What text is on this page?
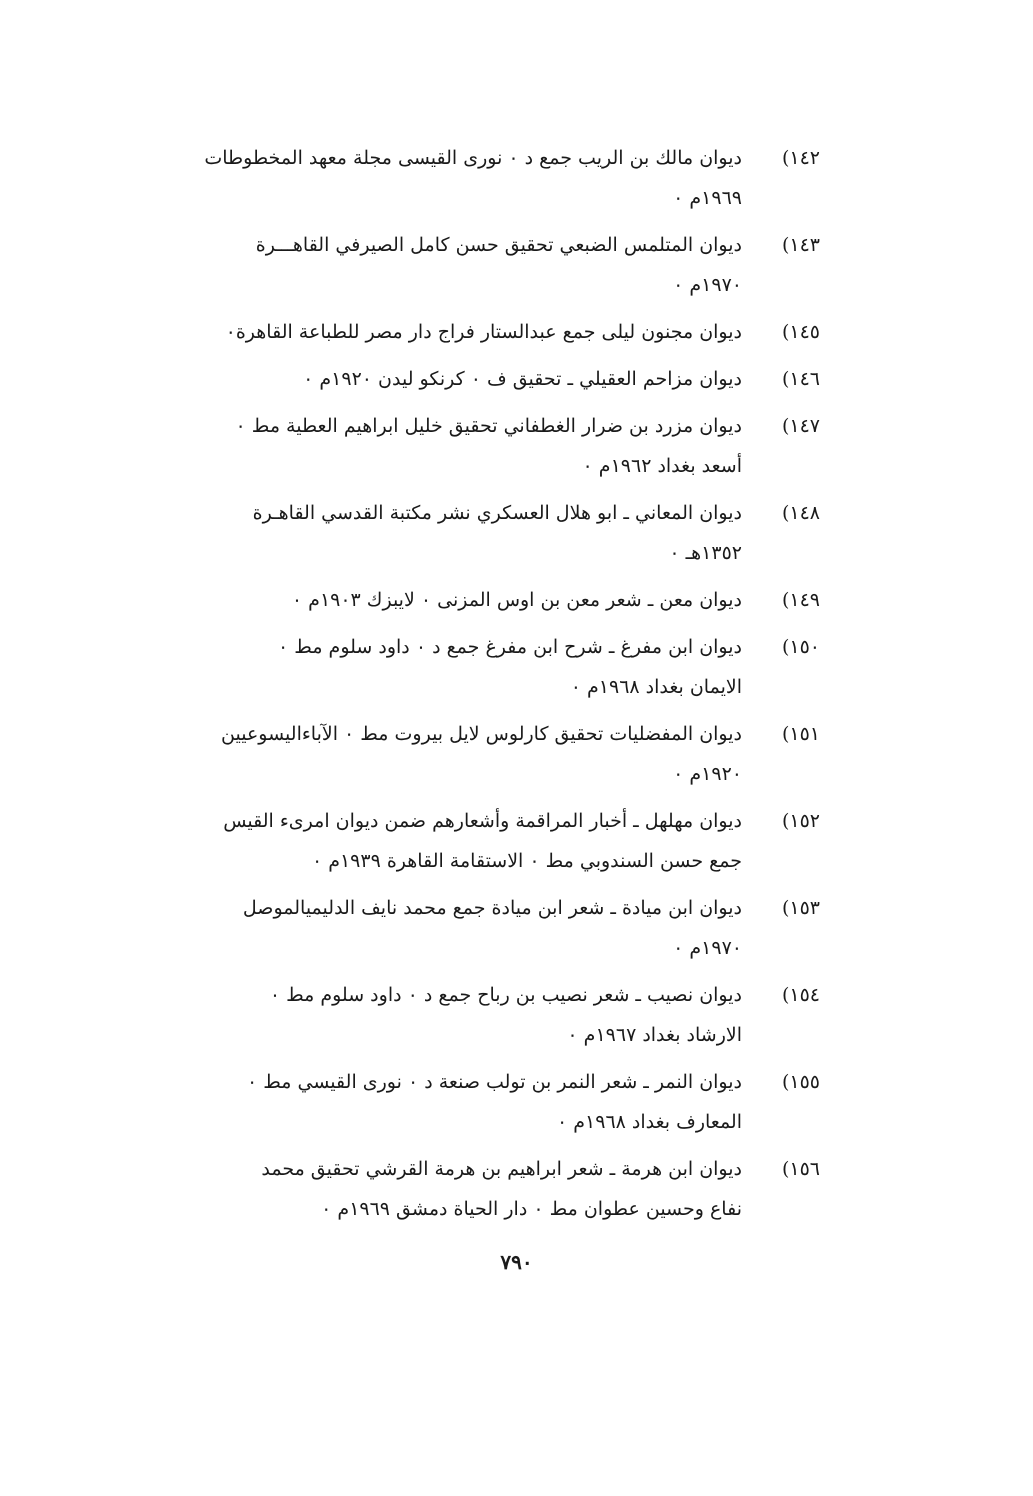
١٤٢)
ديوان مالك بن الريب جمع د ٠ نورى القيسى مجلة معهد المخطوطات
١٩٦٩م ٠
١٤٣)
ديوان المتلمس الضبعي تحقيق حسن كامل الصيرفي القاهـــرة
١٩٧٠م ٠
١٤٥)
ديوان مجنون ليلى جمع عبدالستار فراج دار مصر للطباعة القاهرة٠
١٤٦)
ديوان مزاحم العقيلي ـ تحقيق ف ٠ كرنكو ليدن ١٩٢٠م ٠
١٤٧)
ديوان مزرد بن ضرار الغطفاني تحقيق خليل ابراهيم العطية مط ٠
أسعد بغداد ١٩٦٢م ٠
١٤٨)
ديوان المعاني ـ ابو هلال العسكري نشر مكتبة القدسي القاهـرة
١٣٥٢هـ ٠
١٤٩)
ديوان معن ـ شعر معن بن اوس المزنى ٠ لايبزك ١٩٠٣م ٠
١٥٠)
ديوان ابن مفرغ ـ شرح ابن مفرغ جمع د ٠ داود سلوم مط ٠
الايمان بغداد ١٩٦٨م ٠
١٥١)
ديوان المفضليات تحقيق كارلوس لايل بيروت مط ٠ الآباءاليسوعيين
١٩٢٠م ٠
١٥٢)
ديوان مهلهل ـ أخبار المراقمة وأشعارهم ضمن ديوان امرىء القيس
جمع حسن السندوبي مط ٠ الاستقامة القاهرة ١٩٣٩م ٠
١٥٣)
ديوان ابن ميادة ـ شعر ابن ميادة جمع محمد نايف الدليميالموصل
١٩٧٠م ٠
١٥٤)
ديوان نصيب ـ شعر نصيب بن رباح جمع د ٠ داود سلوم مط ٠
الارشاد بغداد ١٩٦٧م ٠
١٥٥)
ديوان النمر ـ شعر النمر بن تولب صنعة د ٠ نورى القيسي مط ٠
المعارف بغداد ١٩٦٨م ٠
١٥٦)
ديوان ابن هرمة ـ شعر ابراهيم بن هرمة القرشي تحقيق محمد
نفاع وحسين عطوان مط ٠ دار الحياة دمشق ١٩٦٩م ٠
٧٩٠
